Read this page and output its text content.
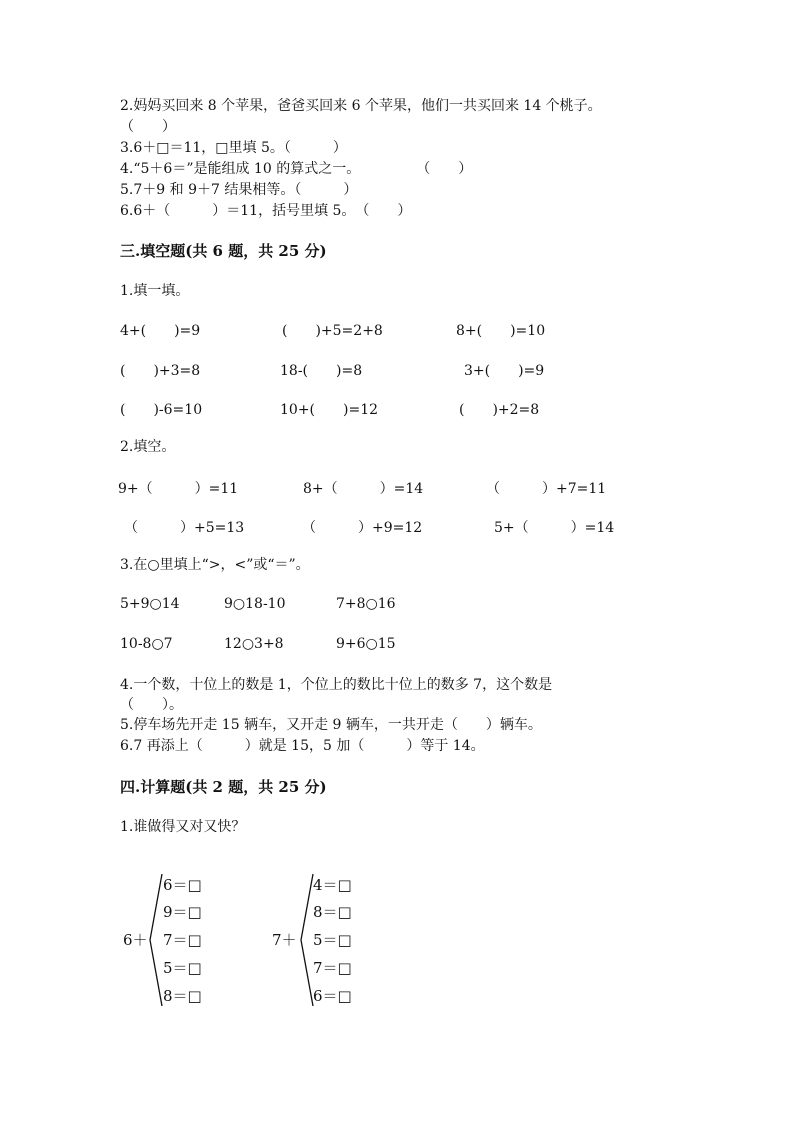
2.妈妈买回来 8 个苹果，爸爸买回来 6 个苹果，他们一共买回来 14 个桃子。
（　　）
3.6＋□＝11，□里填 5。（　　　）
4.“5＋6＝”是能组成 10 的算式之一。　　　　　（　　）
5.7＋9 和 9＋7 结果相等。（　　　）
6.6＋（　　　）＝11，括号里填 5。　（　　）
三.填空题(共 6 题，共 25 分)
1.填一填。
4+(　　)=9	(　　)+5=2+8	8+(　　)=10
(　　)+3=8	18-(　　)=8	3+(　　)=9
(　　)-6=10	10+(　　)=12	(　　)+2=8
2.填空。
9+（　　　）=11	8+（　　　）=14	（　　　）+7=11
（　　　）+5=13	（　　　）+9=12	5+（　　　）=14
3.在○里填上“>，<”或“＝”。
5+9○14	9○18-10	7+8○16
10-8○7	12○3+8	9+6○15
4.一个数，十位上的数是 1，个位上的数比十位上的数多 7，这个数是
（　　）。
5.停车场先开走 15 辆车，又开走 9 辆车，一共开走（　　）辆车。
6.7 再添上（　　　）就是 15，5 加（　　　）等于 14。
四.计算题(共 2 题，共 25 分)
1.谁做得又对又快？
6＋
6＝□
9＝□
7＝□
5＝□
8＝□
7＋
4＝□
8＝□
5＝□
7＝□
6＝□
